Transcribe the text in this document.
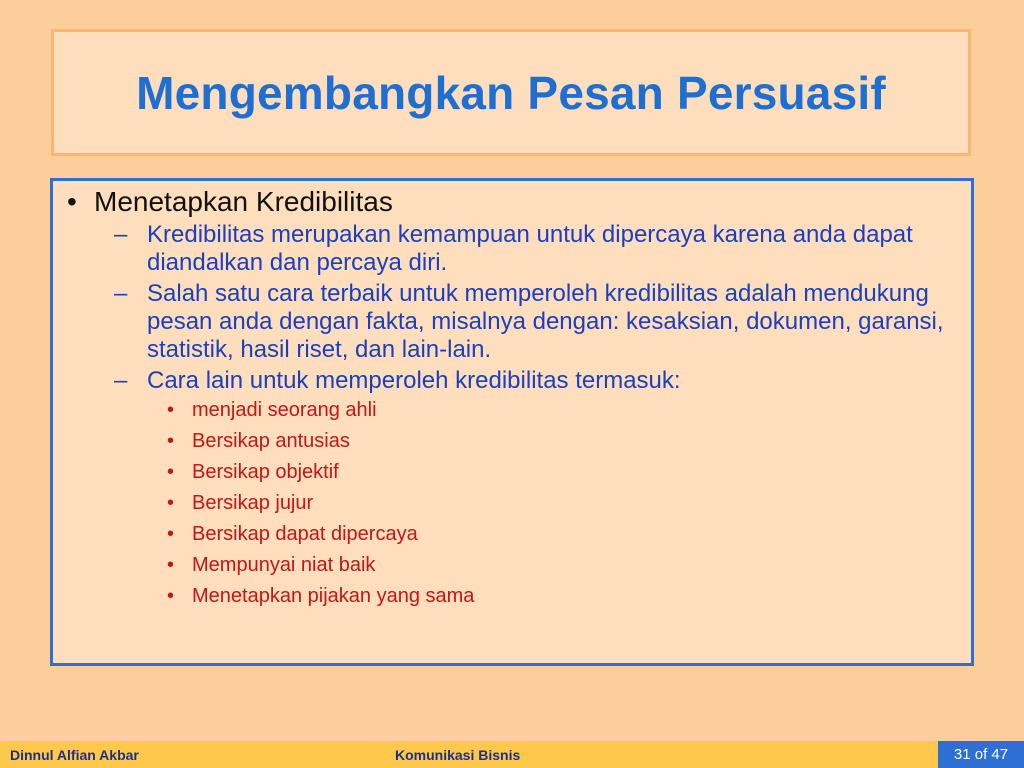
Mengembangkan Pesan Persuasif
• Menetapkan Kredibilitas
– Kredibilitas merupakan kemampuan untuk dipercaya karena anda dapat diandalkan dan percaya diri.
– Salah satu cara terbaik untuk memperoleh kredibilitas adalah mendukung pesan anda dengan fakta, misalnya dengan: kesaksian, dokumen, garansi, statistik, hasil riset, dan lain-lain.
– Cara lain untuk memperoleh kredibilitas termasuk:
• menjadi seorang ahli
• Bersikap antusias
• Bersikap objektif
• Bersikap jujur
• Bersikap dapat dipercaya
• Mempunyai niat baik
• Menetapkan pijakan yang sama
Dinnul Alfian Akbar	Komunikasi Bisnis	31 of 47
